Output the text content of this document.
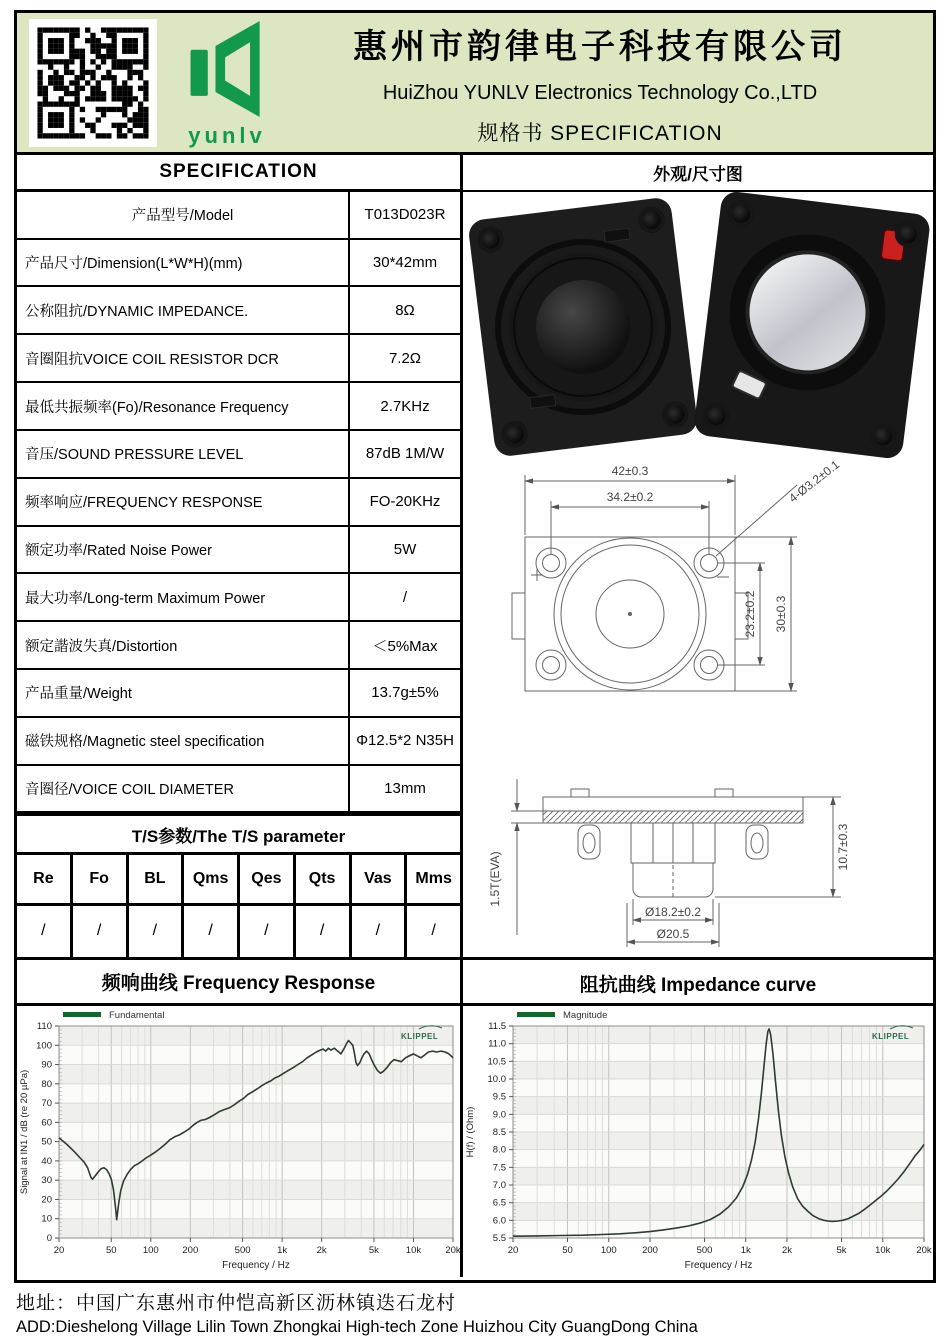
yunlv
惠州市韵律电子科技有限公司
HuiZhou YUNLV Electronics Technology Co.,LTD
规格书 SPECIFICATION
SPECIFICATION
产品型号/Model	T013D023R
产品尺寸/Dimension(L*W*H)(mm)	30*42mm
公称阻抗/DYNAMIC IMPEDANCE.	8Ω
音圈阻抗VOICE COIL RESISTOR DCR	7.2Ω
最低共振频率(Fo)/Resonance Frequency	2.7KHz
音压/SOUND PRESSURE LEVEL	87dB 1M/W
频率响应/FREQUENCY RESPONSE	FO-20KHz
额定功率/Rated Noise Power	5W
最大功率/Long-term Maximum Power	/
额定諧波失真/Distortion	＜5%Max
产品重量/Weight	13.7g±5%
磁铁规格/Magnetic steel specification	Φ12.5*2 N35H
音圈径/VOICE COIL DIAMETER	13mm
T/S参数/The T/S parameter
Re	Fo	BL	Qms	Qes	Qts	Vas	Mms
/	/	/	/	/	/	/	/
外观/尺寸图
42±0.3
34.2±0.2	4-Ø3.2±0.1
23.2±0.2 30±0.3
1.5T(EVA)
10.7±0.3
Ø18.2±0.2
Ø20.5
频响曲线 Frequency Response
0
10
20
30
40
50
60
70
80
90
100
110
20	50	100 200	500	1k	2k	5k	10k	20k
Fundamental
KLIPPEL
Frequency / Hz
Signal at IN1 / dB (re 20 µPa)
阻抗曲线 Impedance curve
5.5
6.0
6.5
7.0
7.5
8.0
8.5
9.0
9.5
10.0
10.5
11.0
11.5
20	50	100	200	500	1k	2k	5k	10k	20k
Magnitude
KLIPPEL
Frequency / Hz
H(f) / (Ohm)
地址：中国广东惠州市仲恺高新区沥林镇迭石龙村
ADD:Dieshelong Village Lilin Town Zhongkai High-tech Zone Huizhou City GuangDong China
